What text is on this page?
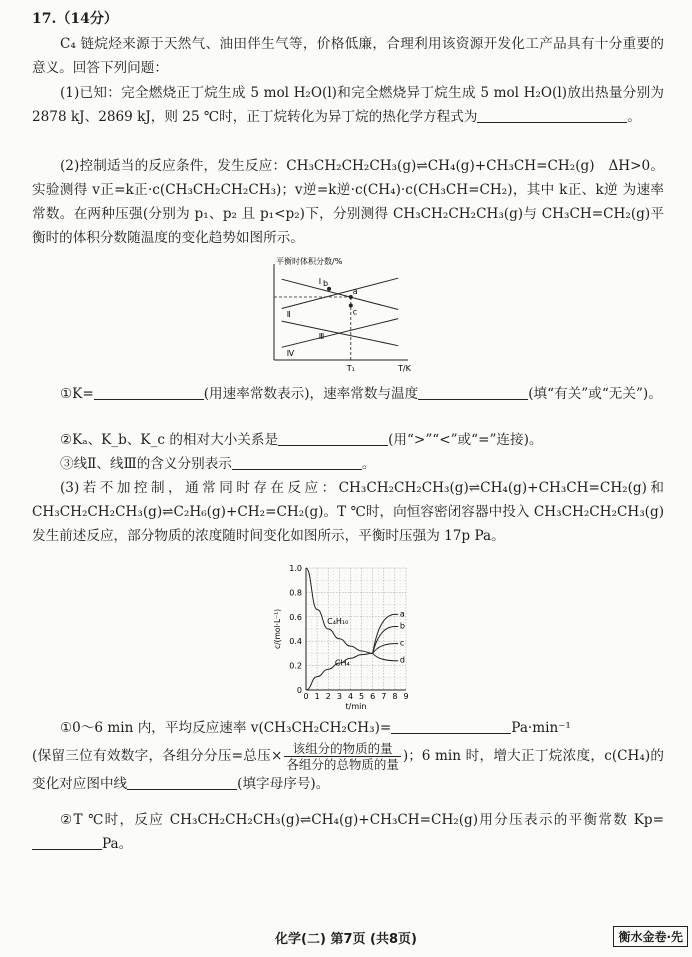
17.（14分）
C₄ 链烷烃来源于天然气、油田伴生气等，价格低廉，合理利用该资源开发化工产品具有十分重要的意义。回答下列问题：
(1)已知：完全燃烧正丁烷生成 5 mol H₂O(l)和完全燃烧异丁烷生成 5 mol H₂O(l)放出热量分别为 2878 kJ、2869 kJ，则 25 ℃时，正丁烷转化为异丁烷的热化学方程式为	。
(2)控制适当的反应条件，发生反应：CH₃CH₂CH₂CH₃(g)⇌CH₄(g)+CH₃CH=CH₂(g)　ΔH>0。实验测得 v正=k正·c(CH₃CH₂CH₂CH₃)；v逆=k逆·c(CH₄)·c(CH₃CH=CH₂)，其中 k正、k逆 为速率常数。在两种压强(分别为 p₁、p₂ 且 p₁<p₂)下，分别测得 CH₃CH₂CH₂CH₃(g)与 CH₃CH=CH₂(g)平衡时的体积分数随温度的变化趋势如图所示。
平衡时体积分数/%
T/K
T₁
Ⅰ
Ⅱ
Ⅲ
Ⅳ
a
b
c
①K=	(用速率常数表示)，速率常数与温度	(填“有关”或“无关”)。
②Kₐ、K_b、K_c 的相对大小关系是	(用“>”“<”或“=”连接)。
③线Ⅱ、线Ⅲ的含义分别表示	。
(3)若不加控制，通常同时存在反应：CH₃CH₂CH₂CH₃(g)⇌CH₄(g)+CH₃CH=CH₂(g)和 CH₃CH₂CH₂CH₃(g)⇌C₂H₆(g)+CH₂=CH₂(g)。T ℃时，向恒容密闭容器中投入 CH₃CH₂CH₂CH₃(g)发生前述反应，部分物质的浓度随时间变化如图所示，平衡时压强为 17p Pa。
0 1 2 3 4 5 6 7 8 9
0
0.2
0.4
0.6
0.8
1.0
t/min
c/(mol·L⁻¹)	a
b
c
d
C₄H₁₀
CH₄
①0～6 min 内，平均反应速率 v(CH₃CH₂CH₂CH₃)=	Pa·min⁻¹
(保留三位有效数字，各组分分压=总压× $\frac{\text{该组分的物质的量}}{\text{各组分的总物质的量}}$ )；6 min 时，增大正丁烷浓度，c(CH₄)的变化对应图中线	(填字母序号)。
②T ℃时，反应 CH₃CH₂CH₂CH₃(g)⇌CH₄(g)+CH₃CH=CH₂(g)用分压表示的平衡常数 Kp=Pa。
化学(二) 第7页 (共8页)	衡水金卷·先
